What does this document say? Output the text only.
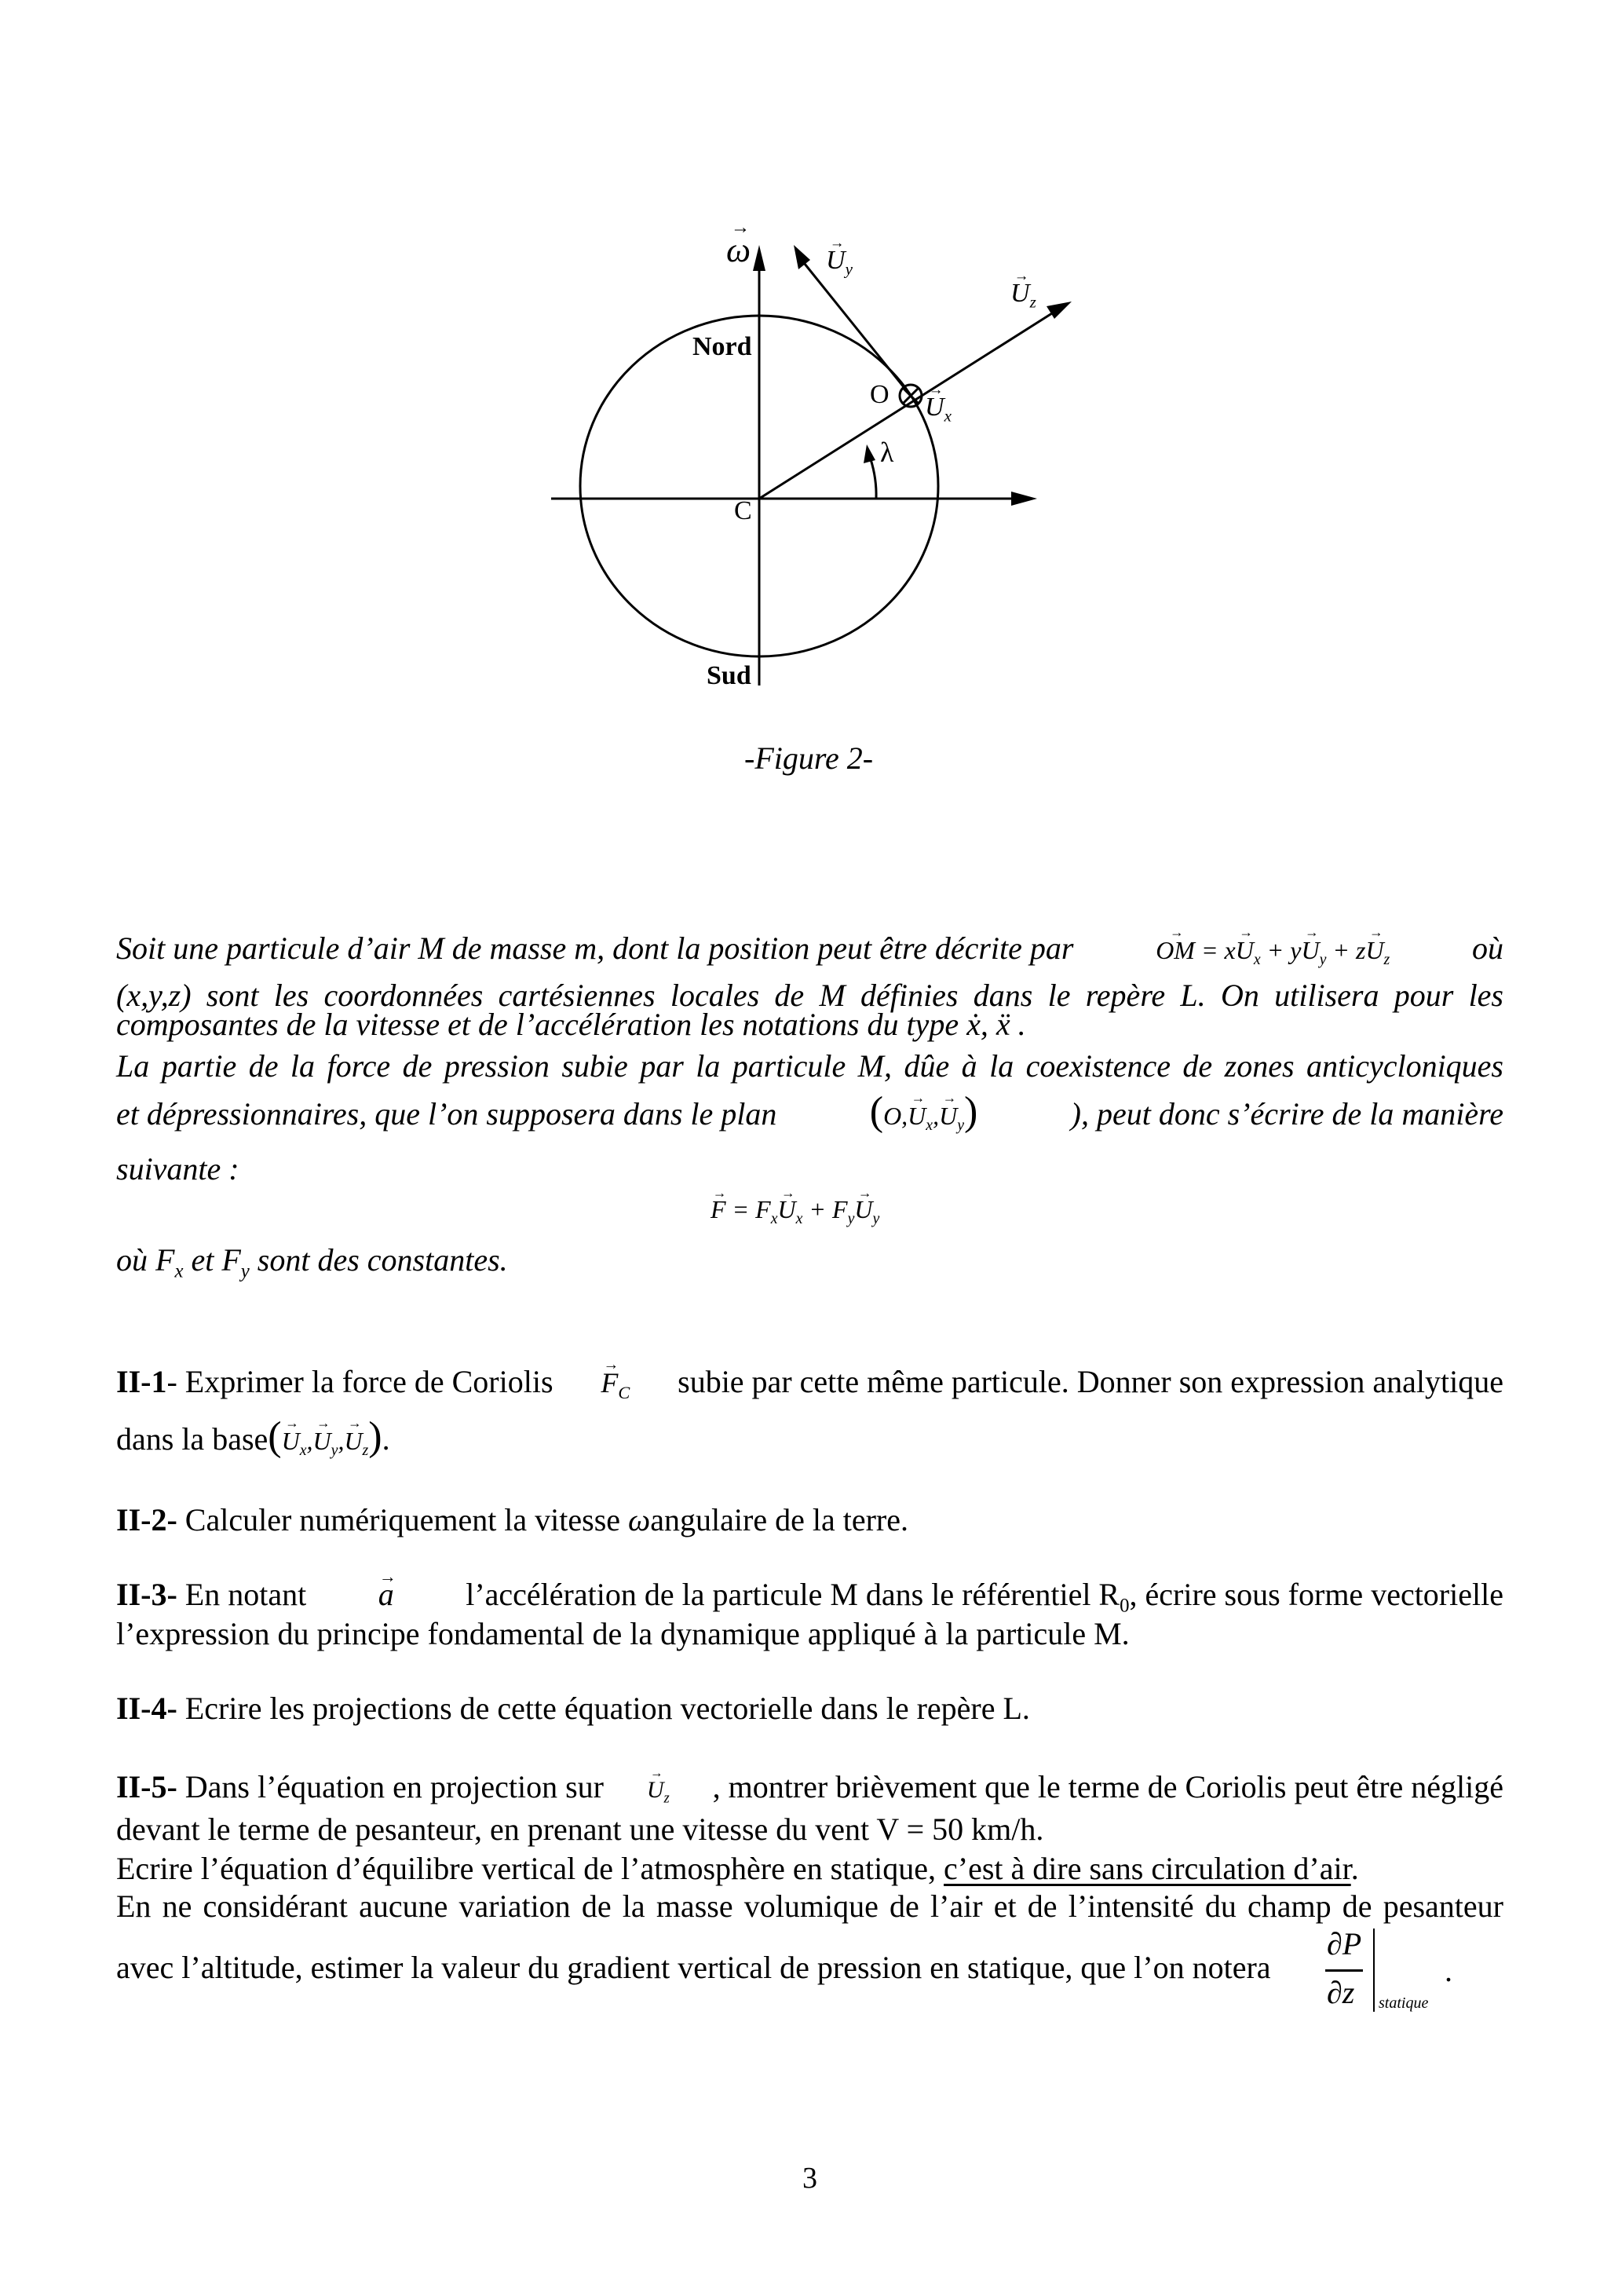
→ ω	→ $U_y$
→ $U_z$
→ $U_x$
Nord
Sud
O
C
λ
-Figure 2-
Soit une particule d’air M de masse m, dont la position peut être décrite par	→ OM = $x\to U_x + y\to U_y + z\to U_z$	où
(x,y,z) sont les coordonnées cartésiennes locales de M définies dans le repère L. On utilisera pour les
composantes de la vitesse et de l’accélération les notations du type ẋ, ẍ .
La partie de la force de pression subie par la particule M, dûe à la coexistence de zones anticycloniques
et dépressionnaires, que l’on supposera dans le plan $(O,\to U_x,\to U_y)$	), peut donc s’écrire de la manière
suivante :
→ $F = F_x\to U_x + F_y\to U_y$
où $F_x$ et $F_y$ sont des constantes.
II-1- Exprimer la force de Coriolis → $F_C$ subie par cette même particule. Donner son expression analytique
dans la base(→ $U_x,\to U_y,\to U_z$).
II-2- Calculer numériquement la vitesse ωangulaire de la terre.
II-3- En notant → a l’accélération de la particule M dans le référentiel $R_0$, écrire sous forme vectorielle
l’expression du principe fondamental de la dynamique appliqué à la particule M.
II-4- Ecrire les projections de cette équation vectorielle dans le repère L.
II-5- Dans l’équation en projection sur → $U_z$ , montrer brièvement que le terme de Coriolis peut être négligé
devant le terme de pesanteur, en prenant une vitesse du vent V = 50 km/h.
Ecrire l’équation d’équilibre vertical de l’atmosphère en statique, c’est à dire sans circulation d’air.
En ne considérant aucune variation de la masse volumique de l’air et de l’intensité du champ de pesanteur
avec l’altitude, estimer la valeur du gradient vertical de pression en statique, que l’on notera
∂P
∂z statique
.
3
